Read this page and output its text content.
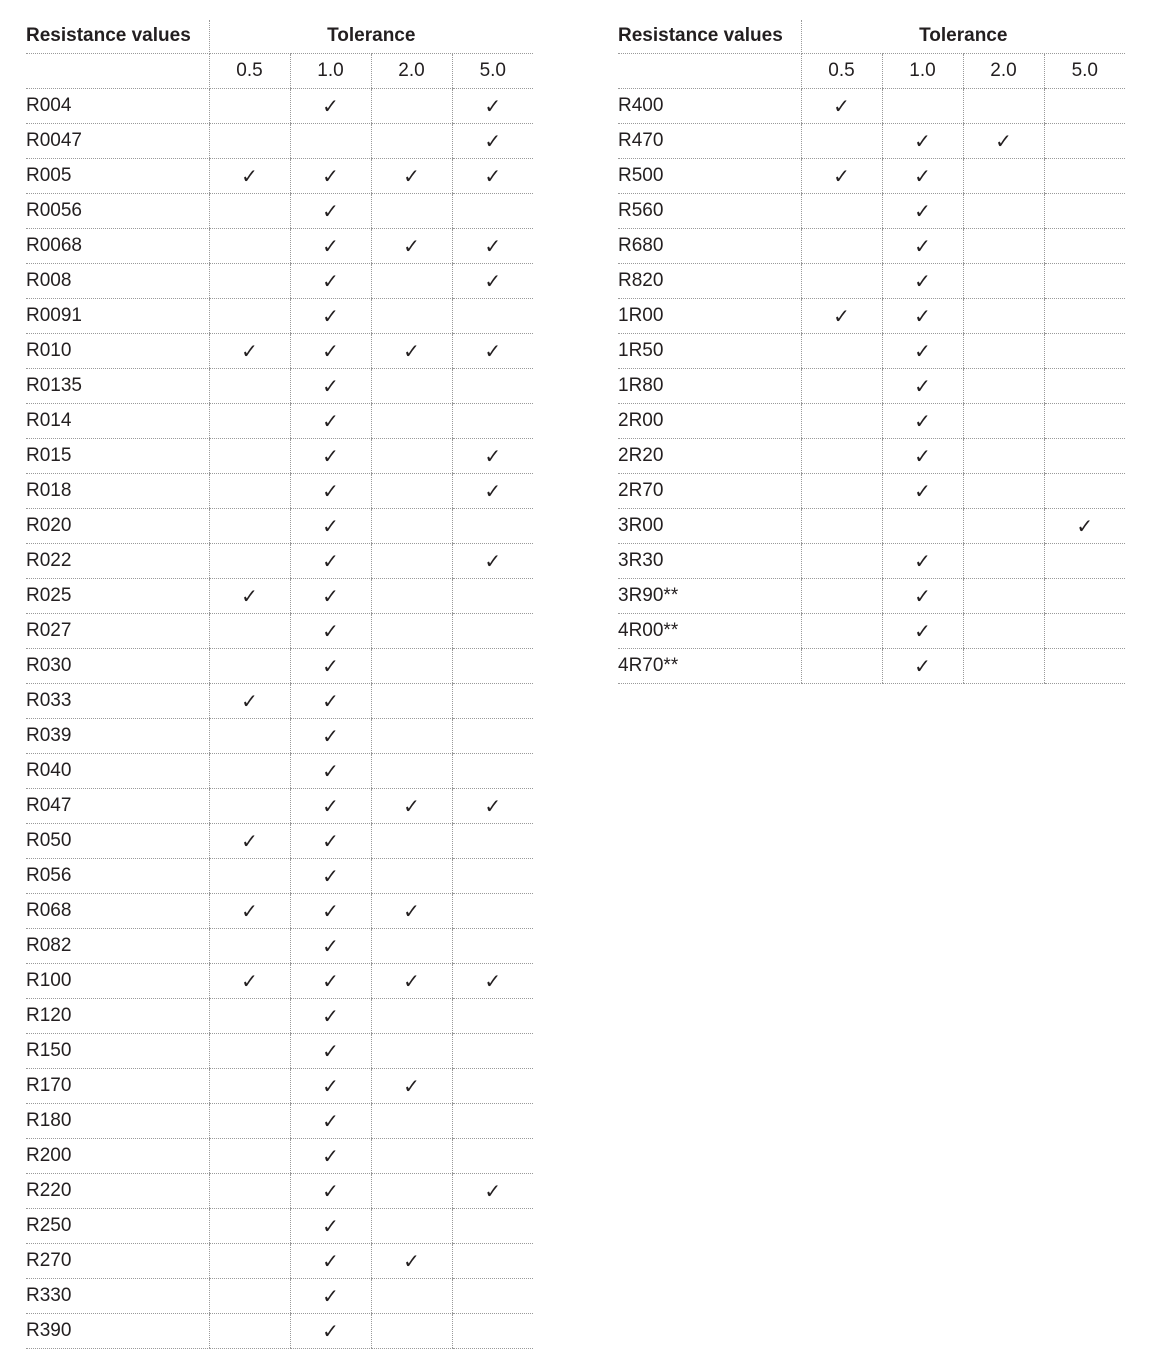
Resistance values	Tolerance			
	0.5	1.0	2.0	5.0
R004		✓		✓
R0047				✓
R005	✓	✓	✓	✓
R0056		✓		
R0068		✓	✓	✓
R008		✓		✓
R0091		✓		
R010	✓	✓	✓	✓
R0135		✓		
R014		✓		
R015		✓		✓
R018		✓		✓
R020		✓		
R022		✓		✓
R025	✓	✓		
R027		✓		
R030		✓		
R033	✓	✓		
R039		✓		
R040		✓		
R047		✓	✓	✓
R050	✓	✓		
R056		✓		
R068	✓	✓	✓	
R082		✓		
R100	✓	✓	✓	✓
R120		✓		
R150		✓		
R170		✓	✓	
R180		✓		
R200		✓		
R220		✓		✓
R250		✓		
R270		✓	✓	
R330		✓		
R390		✓		
Resistance values	Tolerance			
	0.5	1.0	2.0	5.0
R400	✓			
R470		✓	✓	
R500	✓	✓		
R560		✓		
R680		✓		
R820		✓		
1R00	✓	✓		
1R50		✓		
1R80		✓		
2R00		✓		
2R20		✓		
2R70		✓		
3R00				✓
3R30		✓		
3R90**		✓		
4R00**		✓		
4R70**		✓		
